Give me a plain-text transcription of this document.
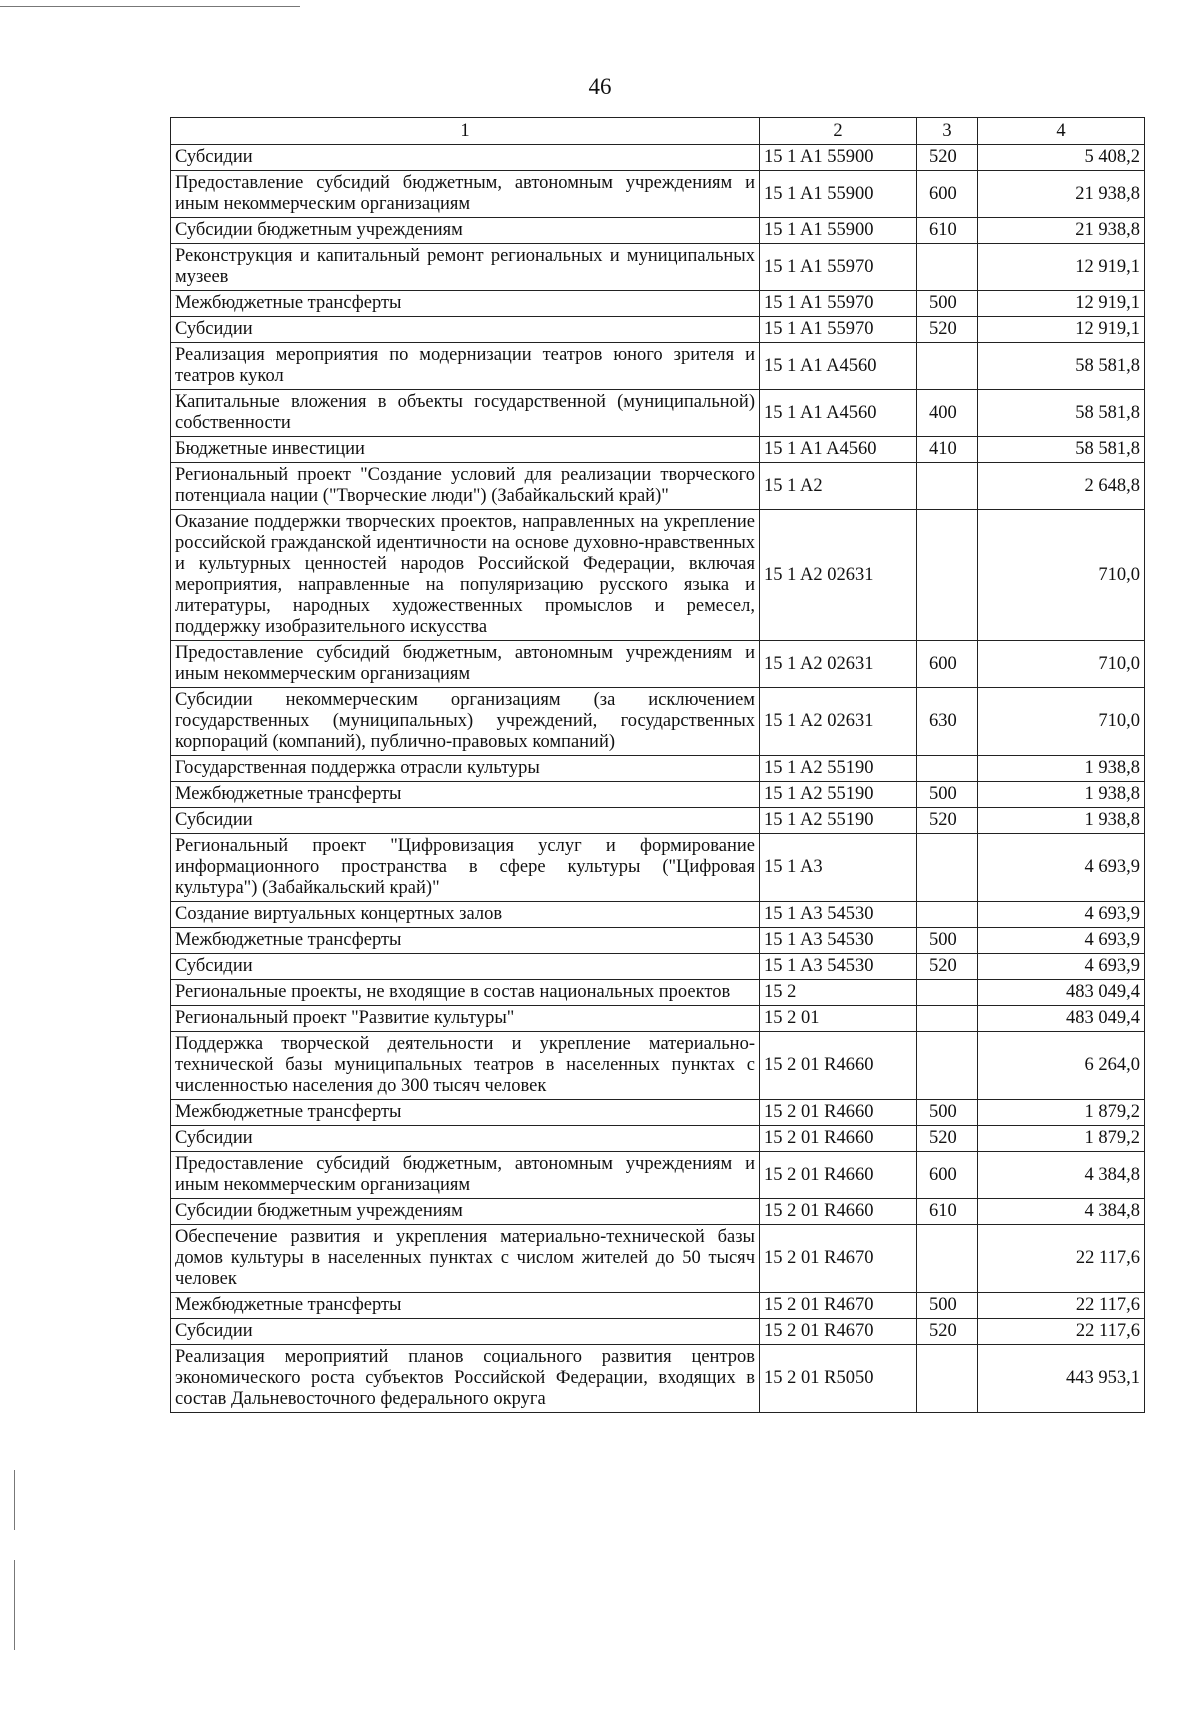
46
1	2	3	4
Субсидии	15 1 A1 55900	520	5 408,2
Предоставление субсидий бюджетным, автономным учреждениям и иным некоммерческим организациям	15 1 A1 55900	600	21 938,8
Субсидии бюджетным учреждениям	15 1 A1 55900	610	21 938,8
Реконструкция и капитальный ремонт региональных и муниципальных музеев	15 1 A1 55970		12 919,1
Межбюджетные трансферты	15 1 A1 55970	500	12 919,1
Субсидии	15 1 A1 55970	520	12 919,1
Реализация мероприятия по модернизации театров юного зрителя и театров кукол	15 1 A1 A4560		58 581,8
Капитальные вложения в объекты государственной (муниципальной) собственности	15 1 A1 A4560	400	58 581,8
Бюджетные инвестиции	15 1 A1 A4560	410	58 581,8
Региональный проект "Создание условий для реализации творческого потенциала нации ("Творческие люди") (Забайкальский край)"	15 1 A2		2 648,8
Оказание поддержки творческих проектов, направленных на укрепление российской гражданской идентичности на основе духовно-нравственных и культурных ценностей народов Российской Федерации, включая мероприятия, направленные на популяризацию русского языка и литературы, народных художественных промыслов и ремесел, поддержку изобразительного искусства	15 1 A2 02631		710,0
Предоставление субсидий бюджетным, автономным учреждениям и иным некоммерческим организациям	15 1 A2 02631	600	710,0
Субсидии некоммерческим организациям (за исключением государственных (муниципальных) учреждений, государственных корпораций (компаний), публично-правовых компаний)	15 1 A2 02631	630	710,0
Государственная поддержка отрасли культуры	15 1 A2 55190		1 938,8
Межбюджетные трансферты	15 1 A2 55190	500	1 938,8
Субсидии	15 1 A2 55190	520	1 938,8
Региональный проект "Цифровизация услуг и формирование информационного пространства в сфере культуры ("Цифровая культура") (Забайкальский край)"	15 1 A3		4 693,9
Создание виртуальных концертных залов	15 1 A3 54530		4 693,9
Межбюджетные трансферты	15 1 A3 54530	500	4 693,9
Субсидии	15 1 A3 54530	520	4 693,9
Региональные проекты, не входящие в состав национальных проектов	15 2		483 049,4
Региональный проект "Развитие культуры"	15 2 01		483 049,4
Поддержка творческой деятельности и укрепление материально-технической базы муниципальных театров в населенных пунктах с численностью населения до 300 тысяч человек	15 2 01 R4660		6 264,0
Межбюджетные трансферты	15 2 01 R4660	500	1 879,2
Субсидии	15 2 01 R4660	520	1 879,2
Предоставление субсидий бюджетным, автономным учреждениям и иным некоммерческим организациям	15 2 01 R4660	600	4 384,8
Субсидии бюджетным учреждениям	15 2 01 R4660	610	4 384,8
Обеспечение развития и укрепления материально-технической базы домов культуры в населенных пунктах с числом жителей до 50 тысяч человек	15 2 01 R4670		22 117,6
Межбюджетные трансферты	15 2 01 R4670	500	22 117,6
Субсидии	15 2 01 R4670	520	22 117,6
Реализация мероприятий планов социального развития центров экономического роста субъектов Российской Федерации, входящих в состав Дальневосточного федерального округа	15 2 01 R5050		443 953,1
